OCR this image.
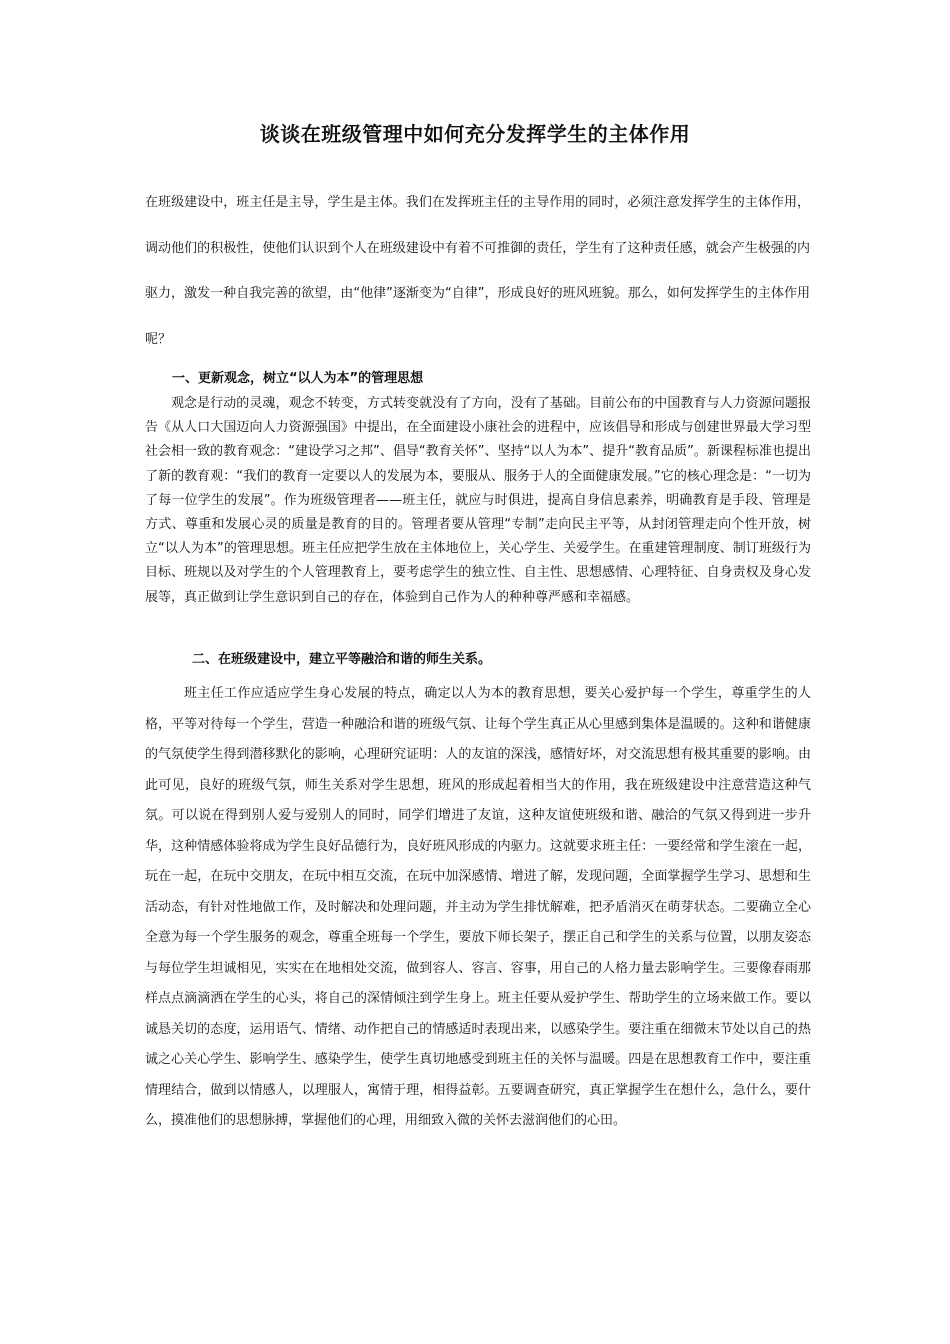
谈谈在班级管理中如何充分发挥学生的主体作用

在班级建设中，班主任是主导，学生是主体。我们在发挥班主任的主导作用的同时，必须注意发挥学生的主体作用，调动他们的积极性，使他们认识到个人在班级建设中有着不可推御的责任，学生有了这种责任感，就会产生极强的内驱力，激发一种自我完善的欲望，由“他律”逐渐变为“自律”，形成良好的班风班貌。那么，如何发挥学生的主体作用呢？

一、更新观念，树立“以人为本”的管理思想

观念是行动的灵魂，观念不转变，方式转变就没有了方向，没有了基础。目前公布的中国教育与人力资源问题报告《从人口大国迈向人力资源强国》中提出，在全面建设小康社会的进程中，应该倡导和形成与创建世界最大学习型社会相一致的教育观念：“建设学习之邦”、倡导“教育关怀”、坚持“以人为本”、提升“教育品质”。新课程标准也提出了新的教育观：“我们的教育一定要以人的发展为本，要服从、服务于人的全面健康发展。”它的核心理念是：“一切为了每一位学生的发展”。作为班级管理者——班主任，就应与时俱进，提高自身信息素养，明确教育是手段、管理是方式、尊重和发展心灵的质量是教育的目的。管理者要从管理“专制”走向民主平等，从封闭管理走向个性开放，树立“以人为本”的管理思想。班主任应把学生放在主体地位上，关心学生、关爱学生。在重建管理制度、制订班级行为目标、班规以及对学生的个人管理教育上，要考虑学生的独立性、自主性、思想感情、心理特征、自身责权及身心发展等，真正做到让学生意识到自己的存在，体验到自己作为人的种种尊严感和幸福感。

二、在班级建设中，建立平等融洽和谐的师生关系。

班主任工作应适应学生身心发展的特点，确定以人为本的教育思想，要关心爱护每一个学生，尊重学生的人格，平等对待每一个学生，营造一种融洽和谐的班级气氛、让每个学生真正从心里感到集体是温暖的。这种和谐健康的气氛使学生得到潜移默化的影响，心理研究证明：人的友谊的深浅，感情好坏，对交流思想有极其重要的影响。由此可见，良好的班级气氛，师生关系对学生思想，班风的形成起着相当大的作用，我在班级建设中注意营造这种气氛。可以说在得到别人爱与爱别人的同时，同学们增进了友谊，这种友谊使班级和谐、融洽的气氛又得到进一步升华，这种情感体验将成为学生良好品德行为，良好班风形成的内驱力。这就要求班主任：一要经常和学生滚在一起，玩在一起，在玩中交朋友，在玩中相互交流，在玩中加深感情、增进了解，发现问题，全面掌握学生学习、思想和生活动态，有针对性地做工作，及时解决和处理问题，并主动为学生排忧解难，把矛盾消灭在萌芽状态。二要确立全心全意为每一个学生服务的观念，尊重全班每一个学生，要放下师长架子，摆正自己和学生的关系与位置，以朋友姿态与每位学生坦诚相见，实实在在地相处交流，做到容人、容言、容事，用自己的人格力量去影响学生。三要像春雨那样点点滴滴洒在学生的心头，将自己的深情倾注到学生身上。班主任要从爱护学生、帮助学生的立场来做工作。要以诚恳关切的态度，运用语气、情绪、动作把自己的情感适时表现出来，以感染学生。要注重在细微末节处以自己的热诚之心关心学生、影响学生、感染学生，使学生真切地感受到班主任的关怀与温暖。四是在思想教育工作中，要注重情理结合，做到以情感人，以理服人，寓情于理，相得益彰。五要调查研究，真正掌握学生在想什么，急什么，要什么，摸准他们的思想脉搏，掌握他们的心理，用细致入微的关怀去滋润他们的心田。
